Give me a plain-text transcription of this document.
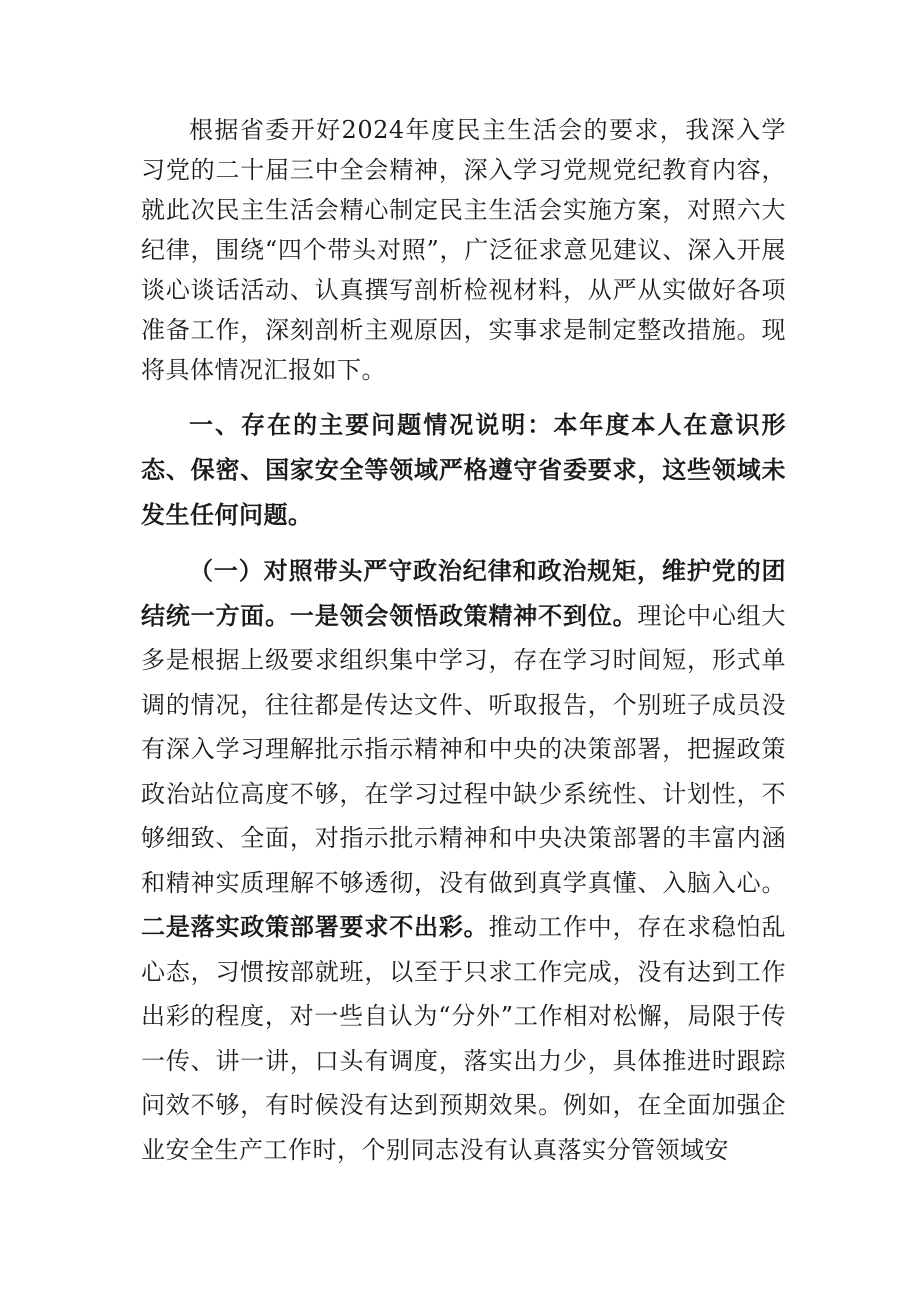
根据省委开好2024年度民主生活会的要求，我深入学习党的二十届三中全会精神，深入学习党规党纪教育内容，就此次民主生活会精心制定民主生活会实施方案，对照六大纪律，围绕“四个带头对照”，广泛征求意见建议、深入开展谈心谈话活动、认真撰写剖析检视材料，从严从实做好各项准备工作，深刻剖析主观原因，实事求是制定整改措施。现将具体情况汇报如下。

一、存在的主要问题情况说明：本年度本人在意识形态、保密、国家安全等领域严格遵守省委要求，这些领域未发生任何问题。

（一）对照带头严守政治纪律和政治规矩，维护党的团结统一方面。一是领会领悟政策精神不到位。理论中心组大多是根据上级要求组织集中学习，存在学习时间短，形式单调的情况，往往都是传达文件、听取报告，个别班子成员没有深入学习理解批示指示精神和中央的决策部署，把握政策政治站位高度不够，在学习过程中缺少系统性、计划性，不够细致、全面，对指示批示精神和中央决策部署的丰富内涵和精神实质理解不够透彻，没有做到真学真懂、入脑入心。二是落实政策部署要求不出彩。推动工作中，存在求稳怕乱心态，习惯按部就班，以至于只求工作完成，没有达到工作出彩的程度，对一些自认为“分外”工作相对松懈，局限于传一传、讲一讲，口头有调度，落实出力少，具体推进时跟踪问效不够，有时候没有达到预期效果。例如，在全面加强企业安全生产工作时，个别同志没有认真落实分管领域安
